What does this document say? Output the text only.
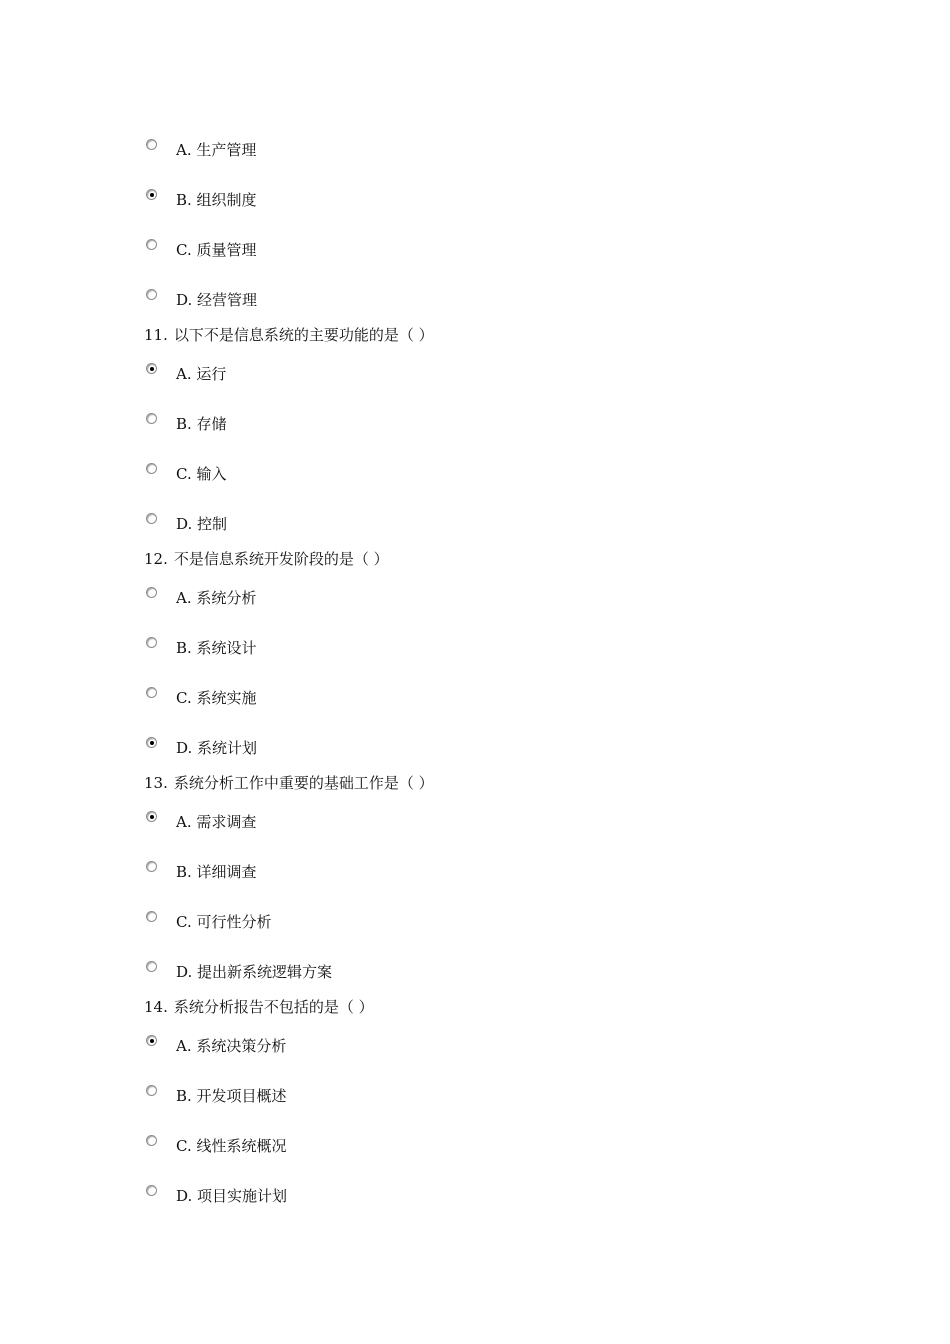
A. 生产管理
B. 组织制度
C. 质量管理
D. 经营管理
11. 以下不是信息系统的主要功能的是（ ）
A. 运行
B. 存储
C. 输入
D. 控制
12. 不是信息系统开发阶段的是（ ）
A. 系统分析
B. 系统设计
C. 系统实施
D. 系统计划
13. 系统分析工作中重要的基础工作是（ ）
A. 需求调查
B. 详细调查
C. 可行性分析
D. 提出新系统逻辑方案
14. 系统分析报告不包括的是（ ）
A. 系统决策分析
B. 开发项目概述
C. 线性系统概况
D. 项目实施计划
